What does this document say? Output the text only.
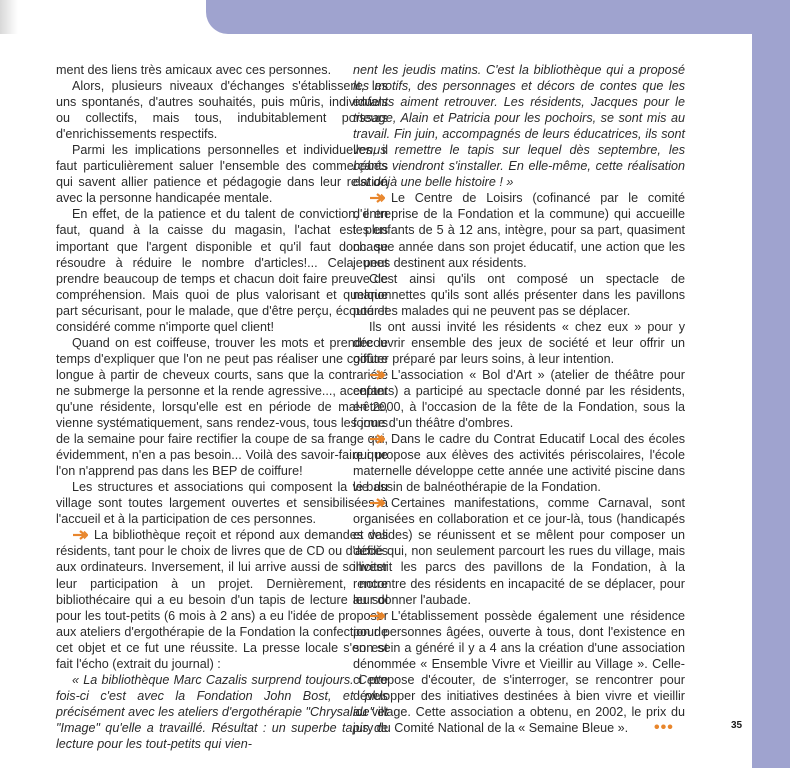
ment des liens très amicaux avec ces personnes.

Alors, plusieurs niveaux d'échanges s'établissent, les uns spontanés, d'autres souhaités, puis mûris, individuels ou collectifs, mais tous, indubitablement porteurs d'enrichissements respectifs.

Parmi les implications personnelles et individuelles, il faut particulièrement saluer l'ensemble des commerçants qui savent allier patience et pédagogie dans leur relation avec la personne handicapée mentale.

En effet, de la patience et du talent de conviction, il en faut, quand à la caisse du magasin, l'achat est plus important que l'argent disponible et qu'il faut donc se résoudre à réduire le nombre d'articles!... Cela peut prendre beaucoup de temps et chacun doit faire preuve de compréhension. Mais quoi de plus valorisant et quelque part sécurisant, pour le malade, que d'être perçu, écouté et considéré comme n'importe quel client!

Quand on est coiffeuse, trouver les mots et prendre le temps d'expliquer que l'on ne peut pas réaliser une coiffure longue à partir de cheveux courts, sans que la contrariété ne submerge la personne et la rende agressive..., accepter qu'une résidente, lorsqu'elle est en période de mal-être, vienne systématiquement, sans rendez-vous, tous les jours de la semaine pour faire rectifier la coupe de sa frange qui, évidemment, n'en a pas besoin... Voilà des savoir-faire que l'on n'apprend pas dans les BEP de coiffure!

Les structures et associations qui composent la vie du village sont toutes largement ouvertes et sensibilisées à l'accueil et à la participation de ces personnes.

La bibliothèque reçoit et répond aux demandes des résidents, tant pour le choix de livres que de CD ou d'accès aux ordinateurs. Inversement, il lui arrive aussi de solliciter leur participation à un projet. Dernièrement, notre bibliothécaire qui a eu besoin d'un tapis de lecture au sol pour les tout-petits (6 mois à 2 ans) a eu l'idée de proposer aux ateliers d'ergothérapie de la Fondation la confection de cet objet et ce fut une réussite. La presse locale s'en est fait l'écho (extrait du journal) :

« La bibliothèque Marc Cazalis surprend toujours. Cette fois-ci c'est avec la Fondation John Bost, et plus précisément avec les ateliers d'ergothérapie "Chrysalide" et "Image" qu'elle a travaillé. Résultat : un superbe tapis de lecture pour les tout-petits qui vien-

nent les jeudis matins. C'est la bibliothèque qui a proposé les motifs, des personnages et décors de contes que les enfants aiment retrouver. Les résidents, Jacques pour le tissage, Alain et Patricia pour les pochoirs, se sont mis au travail. Fin juin, accompagnés de leurs éducatrices, ils sont venus remettre le tapis sur lequel dès septembre, les bébés viendront s'installer. En elle-même, cette réalisation est déjà une belle histoire ! »

Le Centre de Loisirs (cofinancé par le comité d'entreprise de la Fondation et la commune) qui accueille les enfants de 5 à 12 ans, intègre, pour sa part, quasiment chaque année dans son projet éducatif, une action que les jeunes destinent aux résidents.

C'est ainsi qu'ils ont composé un spectacle de marionnettes qu'ils sont allés présenter dans les pavillons pour les malades qui ne peuvent pas se déplacer.

Ils ont aussi invité les résidents « chez eux » pour y découvrir ensemble des jeux de société et leur offrir un goûter préparé par leurs soins, à leur intention.

L'association « Bol d'Art » (atelier de théâtre pour enfants) a participé au spectacle donné par les résidents, en 2000, à l'occasion de la fête de la Fondation, sous la forme d'un théâtre d'ombres.

Dans le cadre du Contrat Educatif Local des écoles qui propose aux élèves des activités périscolaires, l'école maternelle développe cette année une activité piscine dans le bassin de balnéothérapie de la Fondation.

Certaines manifestations, comme Carnaval, sont organisées en collaboration et ce jour-là, tous (handicapés et valides) se réunissent et se mêlent pour composer un défilé qui, non seulement parcourt les rues du village, mais investit les parcs des pavillons de la Fondation, à la rencontre des résidents en incapacité de se déplacer, pour leur donner l'aubade.

L'établissement possède également une résidence pour personnes âgées, ouverte à tous, dont l'existence en son sein a généré il y a 4 ans la création d'une association dénommée « Ensemble Vivre et Vieillir au Village ». Celle-ci propose d'écouter, de s'interroger, se rencontrer pour développer des initiatives destinées à bien vivre et vieillir au village. Cette association a obtenu, en 2002, le prix du jury du Comité National de la « Semaine Bleue ».	•••	35
